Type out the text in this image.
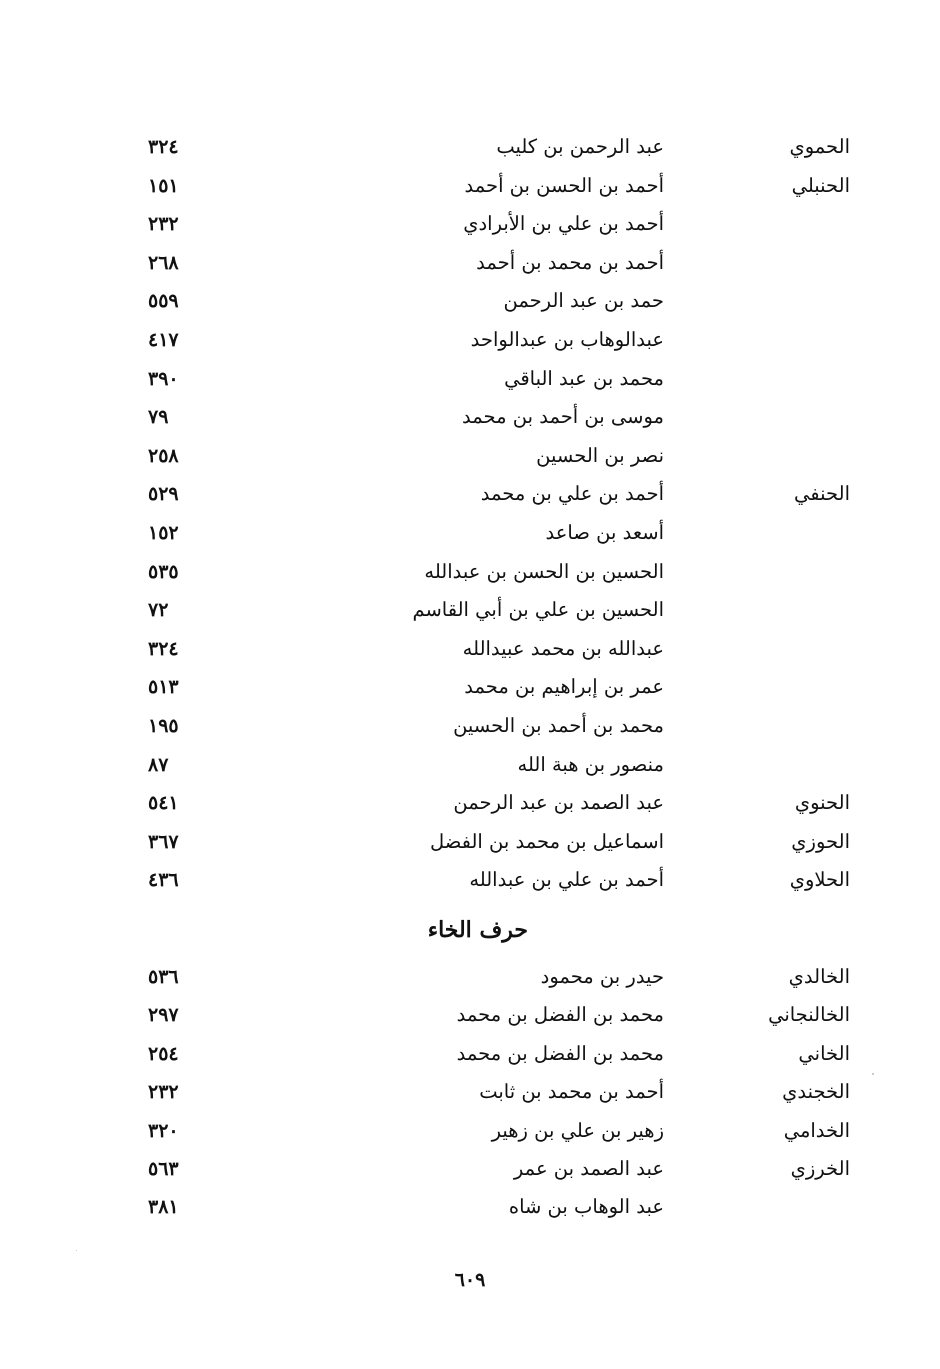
الحموي
عبد الرحمن بن كليب
٣٢٤
الحنبلي
أحمد بن الحسن بن أحمد
١٥١
أحمد بن علي بن الأبرادي
٢٣٢
أحمد بن محمد بن أحمد
٢٦٨
حمد بن عبد الرحمن
٥٥٩
عبدالوهاب بن عبدالواحد
٤١٧
محمد بن عبد الباقي
٣٩٠
موسى بن أحمد بن محمد
٧٩
نصر بن الحسين
٢٥٨
الحنفي
أحمد بن علي بن محمد
٥٢٩
أسعد بن صاعد
١٥٢
الحسين بن الحسن بن عبدالله
٥٣٥
الحسين بن علي بن أبي القاسم
٧٢
عبدالله بن محمد عبيدالله
٣٢٤
عمر بن إبراهيم بن محمد
٥١٣
محمد بن أحمد بن الحسين
١٩٥
منصور بن هبة الله
٨٧
الحنوي
عبد الصمد بن عبد الرحمن
٥٤١
الحوزي
اسماعيل بن محمد بن الفضل
٣٦٧
الحلاوي
أحمد بن علي بن عبدالله
٤٣٦
حرف الخاء
الخالدي
حيدر بن محمود
٥٣٦
الخالنجاني
محمد بن الفضل بن محمد
٢٩٧
الخاني
محمد بن الفضل بن محمد
٢٥٤
الخجندي
أحمد بن محمد بن ثابت
٢٣٢
الخدامي
زهير بن علي بن زهير
٣٢٠
الخرزي
عبد الصمد بن عمر
٥٦٣
عبد الوهاب بن شاه
٣٨١
٦٠٩
